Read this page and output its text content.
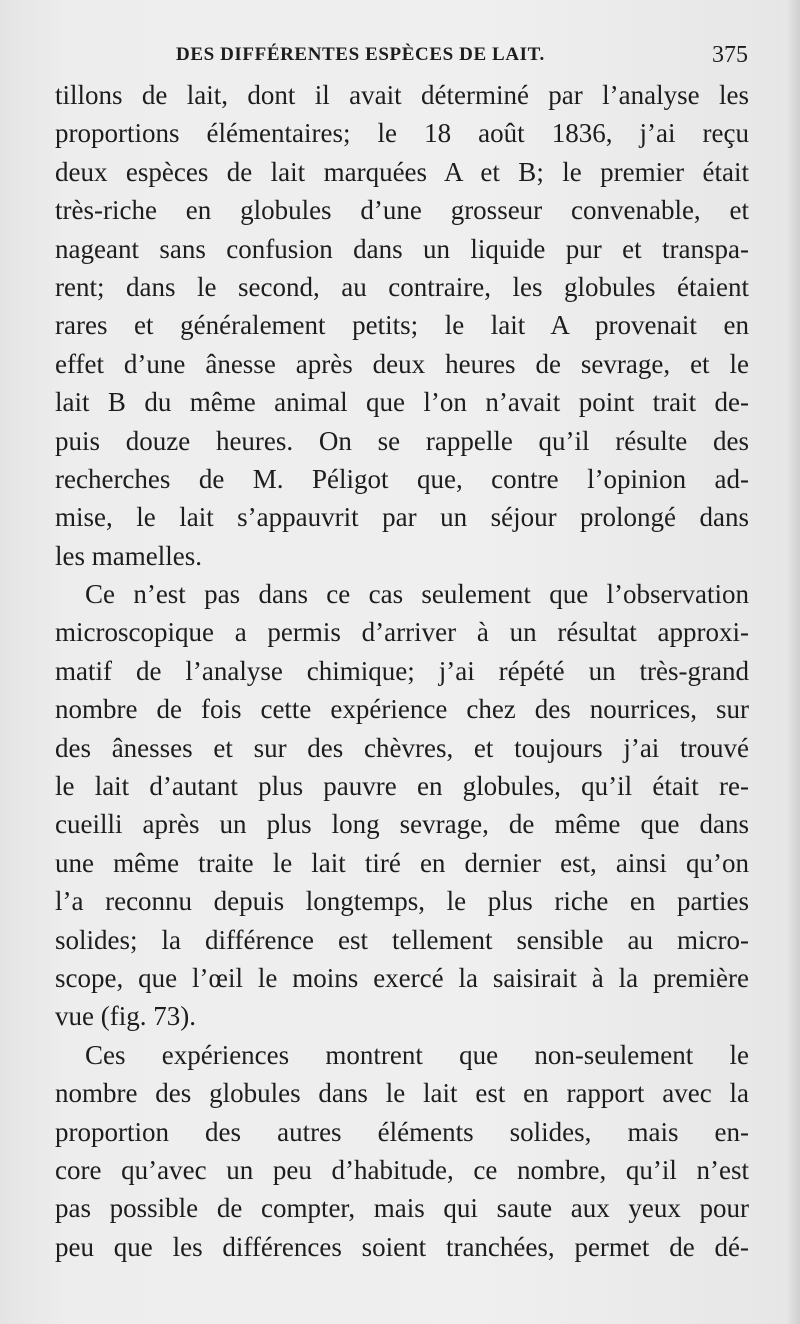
DES DIFFÉRENTES ESPÈCES DE LAIT.	375
tillons de lait, dont il avait déterminé par l’analyse les
proportions élémentaires; le 18 août 1836, j’ai reçu
deux espèces de lait marquées A et B; le premier était
très-riche en globules d’une grosseur convenable, et
nageant sans confusion dans un liquide pur et transpa-
rent; dans le second, au contraire, les globules étaient
rares et généralement petits; le lait A provenait en
effet d’une ânesse après deux heures de sevrage, et le
lait B du même animal que l’on n’avait point trait de-
puis douze heures. On se rappelle qu’il résulte des
recherches de M. Péligot que, contre l’opinion ad-
mise, le lait s’appauvrit par un séjour prolongé dans
les mamelles.
Ce n’est pas dans ce cas seulement que l’observation
microscopique a permis d’arriver à un résultat approxi-
matif de l’analyse chimique; j’ai répété un très-grand
nombre de fois cette expérience chez des nourrices, sur
des ânesses et sur des chèvres, et toujours j’ai trouvé
le lait d’autant plus pauvre en globules, qu’il était re-
cueilli après un plus long sevrage, de même que dans
une même traite le lait tiré en dernier est, ainsi qu’on
l’a reconnu depuis longtemps, le plus riche en parties
solides; la différence est tellement sensible au micro-
scope, que l’œil le moins exercé la saisirait à la première
vue (fig. 73).
Ces expériences montrent que non-seulement le
nombre des globules dans le lait est en rapport avec la
proportion des autres éléments solides, mais en-
core qu’avec un peu d’habitude, ce nombre, qu’il n’est
pas possible de compter, mais qui saute aux yeux pour
peu que les différences soient tranchées, permet de dé-
